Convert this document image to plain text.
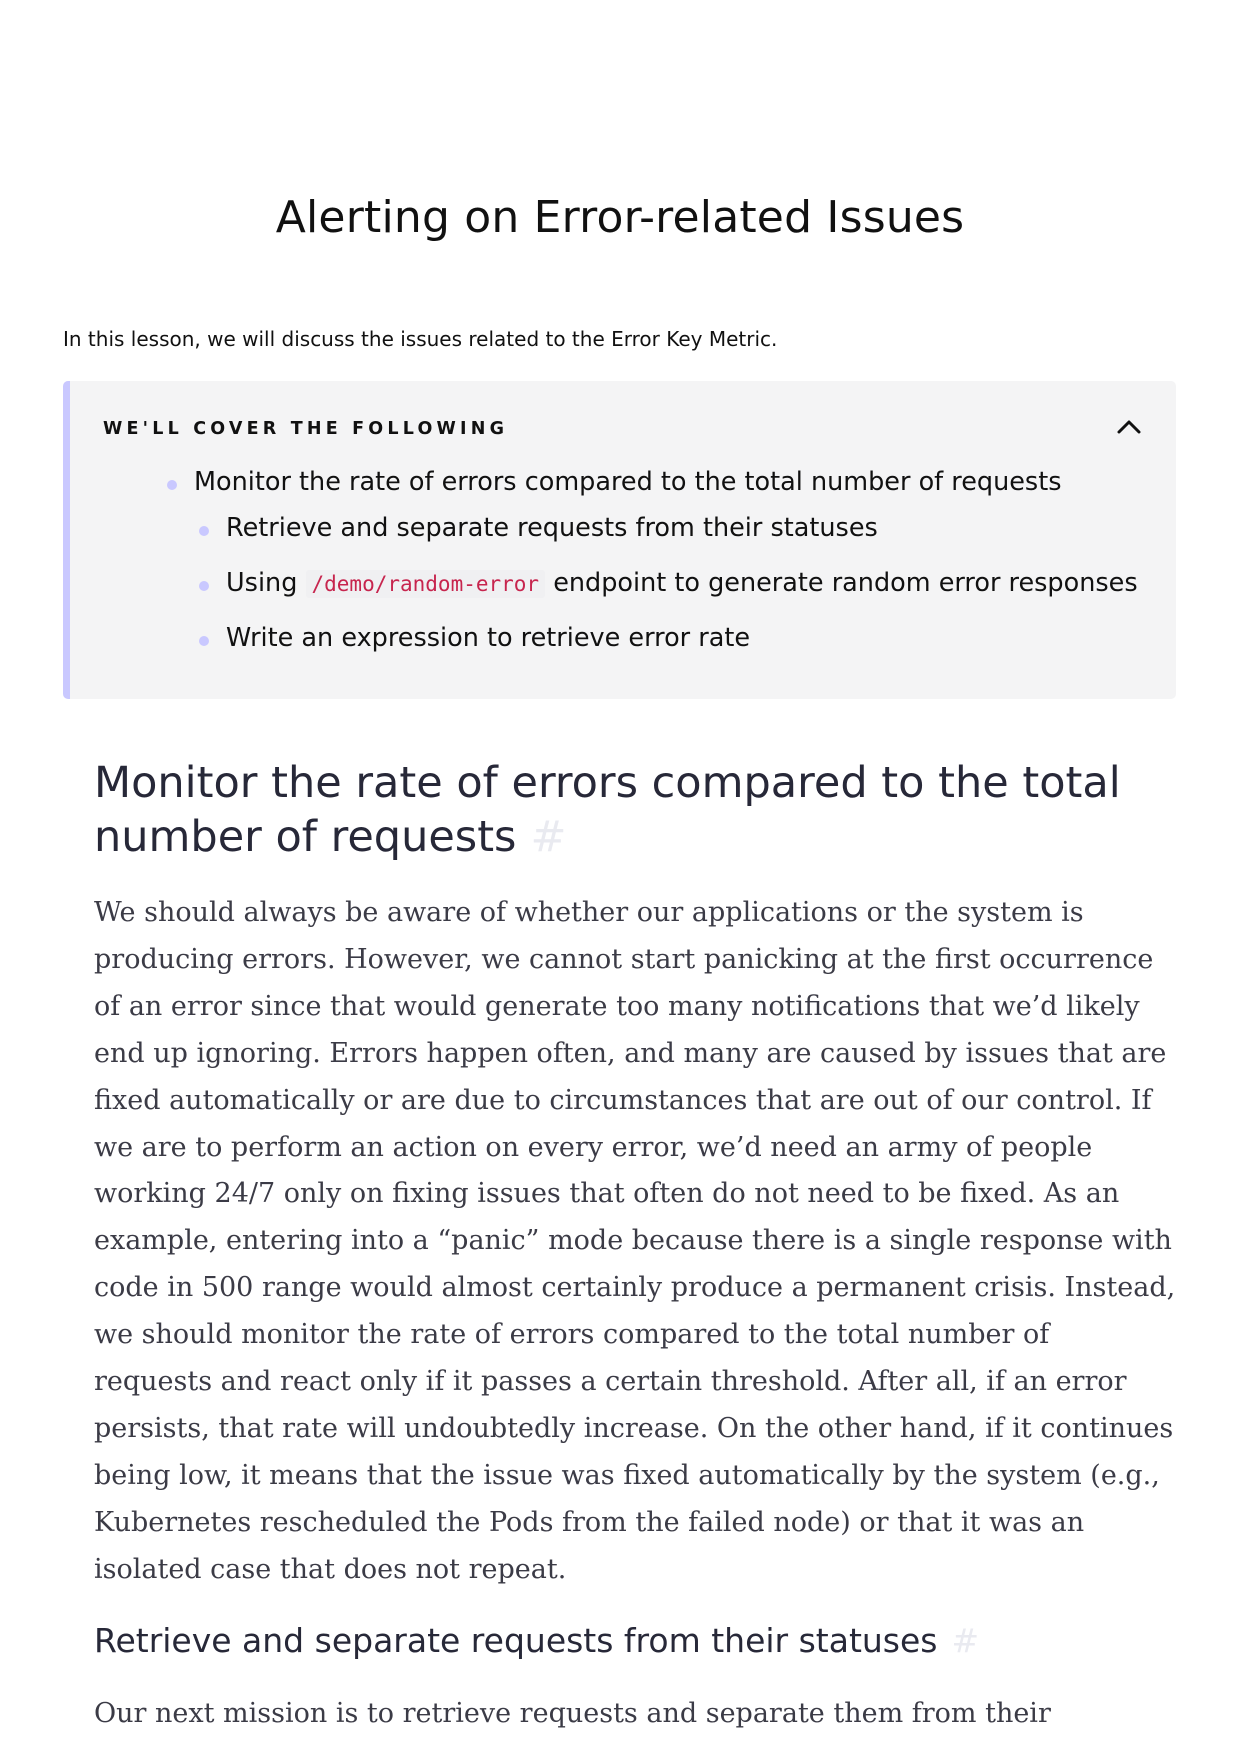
Alerting on Error-related Issues

In this lesson, we will discuss the issues related to the Error Key Metric.

WE'LL COVER THE FOLLOWING
Monitor the rate of errors compared to the total number of requests
Retrieve and separate requests from their statuses
Using /demo/random-error endpoint to generate random error responses
Write an expression to retrieve error rate
Monitor the rate of errors compared to the total number of requests #

We should always be aware of whether our applications or the system is
producing errors. However, we cannot start panicking at the first occurrence
of an error since that would generate too many notifications that we’d likely
end up ignoring. Errors happen often, and many are caused by issues that are
fixed automatically or are due to circumstances that are out of our control. If
we are to perform an action on every error, we’d need an army of people
working 24/7 only on fixing issues that often do not need to be fixed. As an
example, entering into a “panic” mode because there is a single response with
code in 500 range would almost certainly produce a permanent crisis. Instead,
we should monitor the rate of errors compared to the total number of
requests and react only if it passes a certain threshold. After all, if an error
persists, that rate will undoubtedly increase. On the other hand, if it continues
being low, it means that the issue was fixed automatically by the system (e.g.,
Kubernetes rescheduled the Pods from the failed node) or that it was an
isolated case that does not repeat.

Retrieve and separate requests from their statuses #

Our next mission is to retrieve requests and separate them from their
